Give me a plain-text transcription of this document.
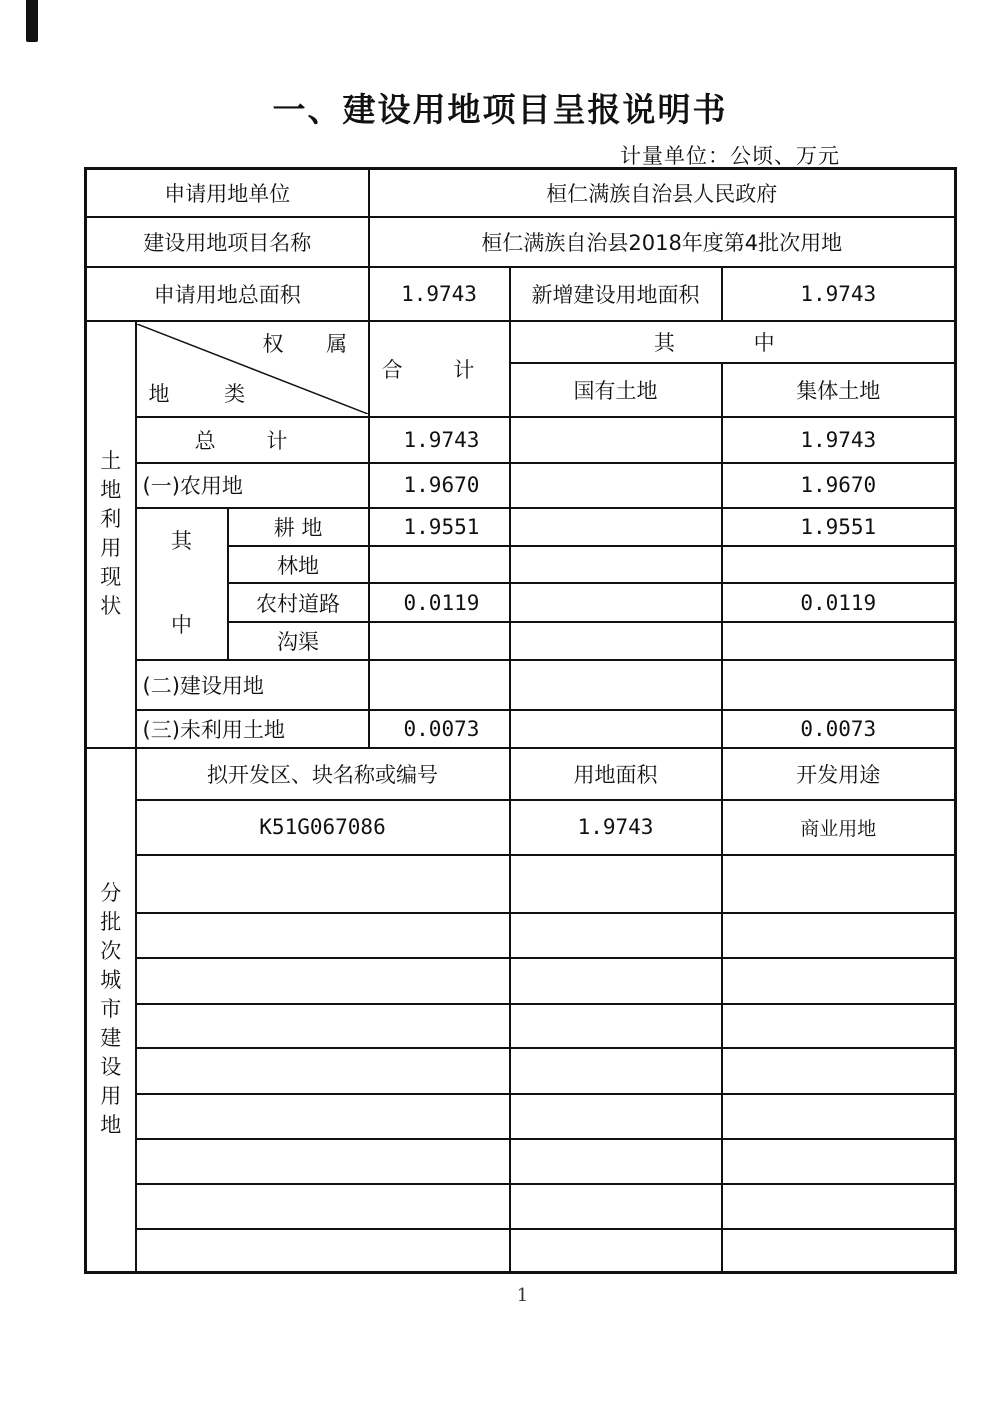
一、建设用地项目呈报说明书
计量单位：公顷、万元
申请用地单位			桓仁满族自治县人民政府		
建设用地项目名称			桓仁满族自治县2018年度第4批次用地		
申请用地总面积			1.9743	新增建设用地面积	1.9743
土地利用现状	权 属
地 类		合 计	其 中	
				国有土地	集体土地
	总 计		1.9743		1.9743
	(一)农用地		1.9670		1.9670

	其
中	耕 地	1.9551		1.9551
		林地			
		农村道路	0.0119		0.0119
		沟渠			
	(二)建设用地				
	(三)未利用土地		0.0073		0.0073
分批次城市建设用地	拟开发区、块名称或编号			用地面积	开发用途
	K51G067086			1.9743	商业用地

1
